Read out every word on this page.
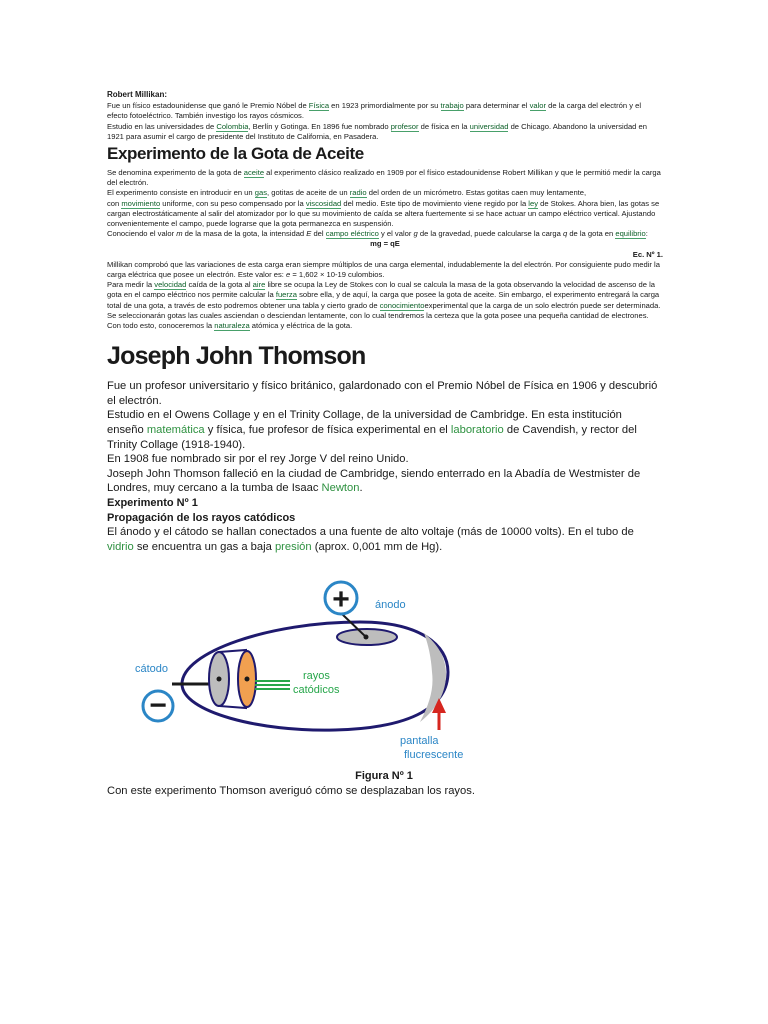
Robert Millikan:

Fue un físico estadounidense que ganó le Premio Nóbel de Física en 1923 primordialmente por su trabajo para determinar el valor de la carga del electrón y el efecto fotoeléctrico. También investigo los rayos cósmicos.

Estudio en las universidades de Colombia, Berlín y Gotinga. En 1896 fue nombrado profesor de física en la universidad de Chicago. Abandono la universidad en 1921 para asumir el cargo de presidente del Instituto de California, en Pasadera.

Experimento de la Gota de Aceite

Se denomina experimento de la gota de aceite al experimento clásico realizado en 1909 por el físico estadounidense Robert Millikan y que le permitió medir la carga del electrón.

El experimento consiste en introducir en un gas, gotitas de aceite de un radio del orden de un micrómetro. Estas gotitas caen muy lentamente,

con movimiento uniforme, con su peso compensado por la viscosidad del medio. Este tipo de movimiento viene regido por la ley de Stokes. Ahora bien, las gotas se cargan electrostáticamente al salir del atomizador por lo que su movimiento de caída se altera fuertemente si se hace actuar un campo eléctrico vertical. Ajustando convenientemente el campo, puede lograrse que la gota permanezca en suspensión.

Conociendo el valor m de la masa de la gota, la intensidad E del campo eléctrico y el valor g de la gravedad, puede calcularse la carga q de la gota en equilibrio:

mg = qE

Ec. Nº 1.

Millikan comprobó que las variaciones de esta carga eran siempre múltiplos de una carga elemental, indudablemente la del electrón. Por consiguiente pudo medir la carga eléctrica que posee un electrón. Este valor es: e = 1,602 × 10-19 culombios.

Para medir la velocidad caída de la gota al aire libre se ocupa la Ley de Stokes con lo cual se calcula la masa de la gota observando la velocidad de ascenso de la gota en el campo eléctrico nos permite calcular la fuerza sobre ella, y de aquí, la carga que posee la gota de aceite. Sin embargo, el experimento entregará la carga total de una gota, a través de esto podremos obtener una tabla y cierto grado de conocimientoexperimental que la carga de un solo electrón puede ser determinada. Se seleccionarán gotas las cuales asciendan o desciendan lentamente, con lo cual tendremos la certeza que la gota posee una pequeña cantidad de electrones. Con todo esto, conoceremos la naturaleza atómica y eléctrica de la gota.

Joseph John Thomson

Fue un profesor universitario y físico británico, galardonado con el Premio Nóbel de Física en 1906 y descubrió el electrón.

Estudio en el Owens Collage y en el Trinity Collage, de la universidad de Cambridge. En esta institución

enseño matemática y física, fue profesor de física experimental en el laboratorio de Cavendish, y rector del Trinity Collage (1918-1940).

En 1908 fue nombrado sir por el rey Jorge V del reino Unido.

Joseph John Thomson falleció en la ciudad de Cambridge, siendo enterrado en la Abadía de Westmister de Londres, muy cercano a la tumba de Isaac Newton.

Experimento Nº 1

Propagación de los rayos catódicos

El ánodo y el cátodo se hallan conectados a una fuente de alto voltaje (más de 10000 volts). En el tubo de vidrio se encuentra un gas a baja presión (aprox. 0,001 mm de Hg).

+
−
ánodo
cátodo
rayos
catódicos
pantalla
flucrescente
Figura Nº 1
Con este experimento Thomson averiguó cómo se desplazaban los rayos.
